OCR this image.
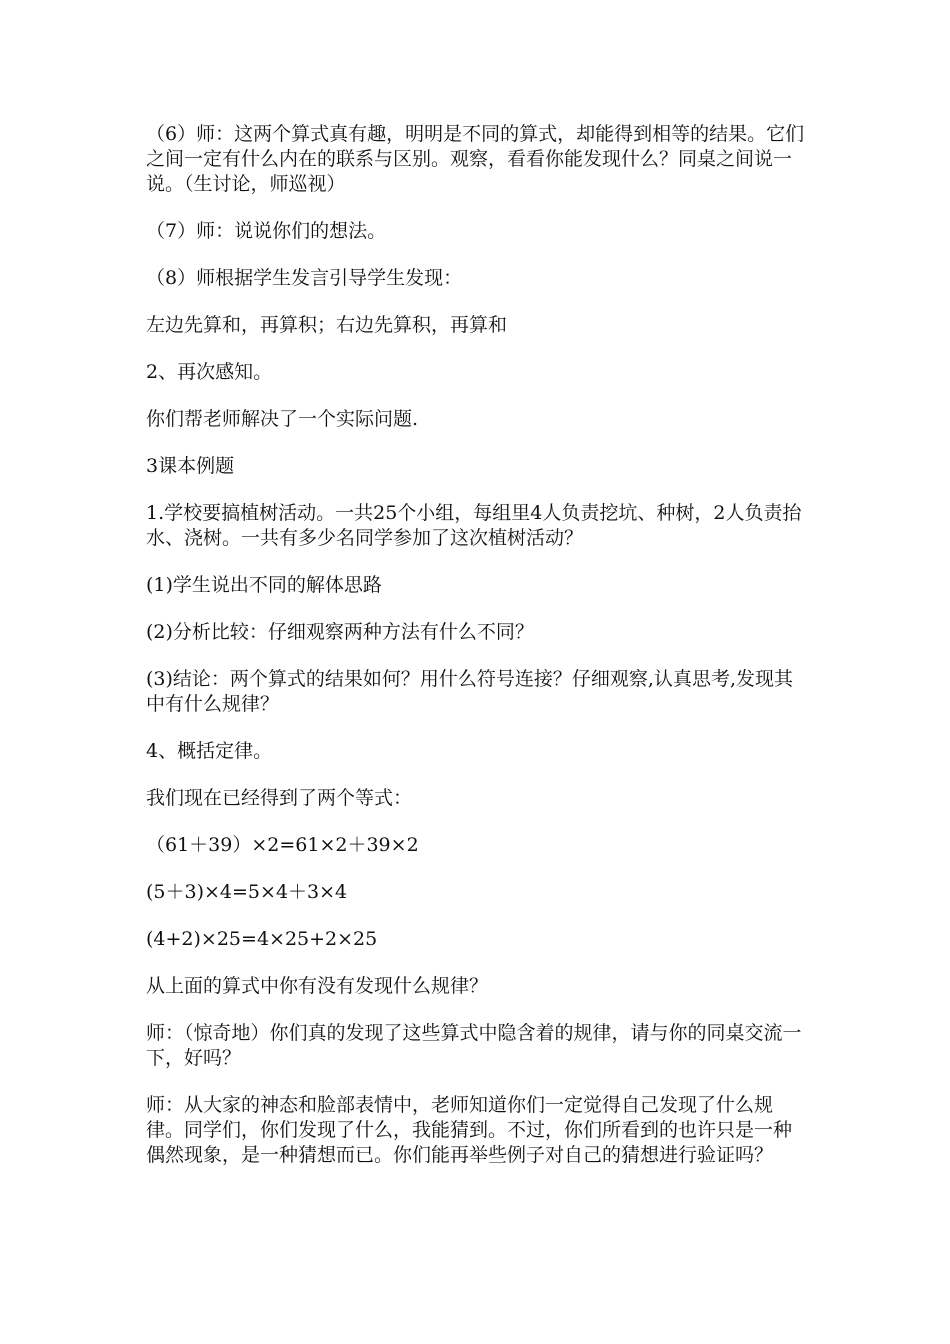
（6）师：这两个算式真有趣，明明是不同的算式，却能得到相等的结果。它们之间一定有什么内在的联系与区别。观察，看看你能发现什么？同桌之间说一说。（生讨论，师巡视）

（7）师：说说你们的想法。

（8）师根据学生发言引导学生发现：

左边先算和，再算积；右边先算积，再算和

2、再次感知。

你们帮老师解决了一个实际问题.

3课本例题

1.学校要搞植树活动。一共25个小组，每组里4人负责挖坑、种树，2人负责抬水、浇树。一共有多少名同学参加了这次植树活动？

(1)学生说出不同的解体思路

(2)分析比较：仔细观察两种方法有什么不同？

(3)结论：两个算式的结果如何？用什么符号连接？仔细观察,认真思考,发现其中有什么规律？

4、概括定律。

我们现在已经得到了两个等式：

（61＋39）×2=61×2＋39×2

(5＋3)×4=5×4＋3×4

(4+2)×25=4×25+2×25

从上面的算式中你有没有发现什么规律？

师：（惊奇地）你们真的发现了这些算式中隐含着的规律，请与你的同桌交流一下，好吗？

师：从大家的神态和脸部表情中，老师知道你们一定觉得自己发现了什么规律。同学们，你们发现了什么，我能猜到。不过，你们所看到的也许只是一种偶然现象，是一种猜想而已。你们能再举些例子对自己的猜想进行验证吗？
